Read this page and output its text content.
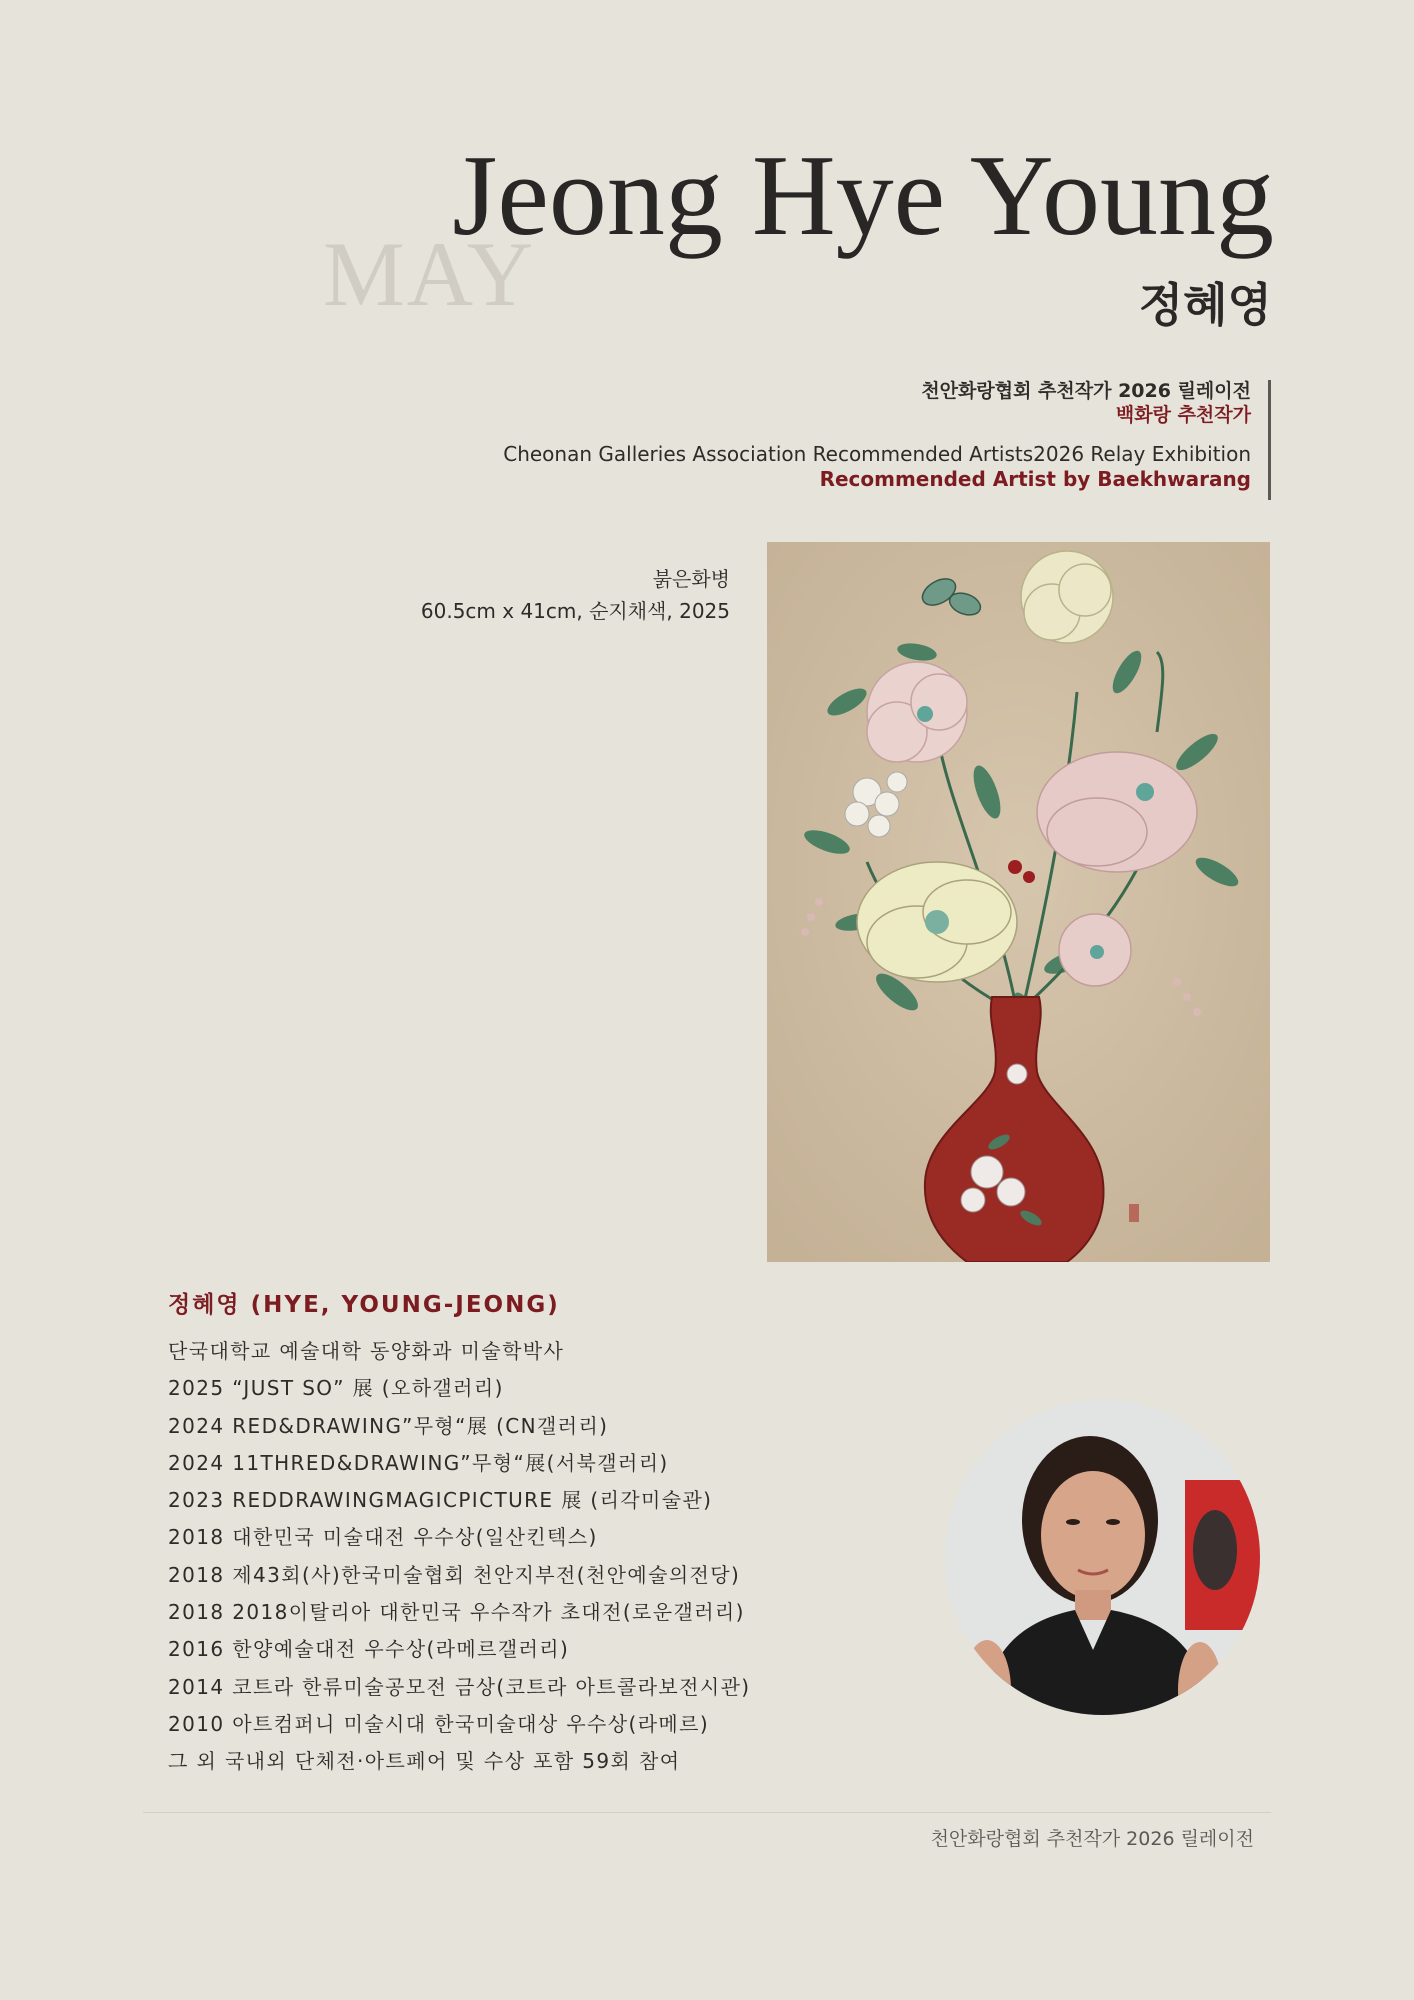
MAY
Jeong Hye Young
정혜영
천안화랑협회 추천작가 2026 릴레이전
백화랑 추천작가
Cheonan Galleries Association Recommended Artists2026 Relay Exhibition
Recommended Artist by Baekhwarang
붉은화병
60.5cm x 41cm, 순지채색, 2025
정혜영 (HYE, YOUNG-JEONG)
단국대학교 예술대학 동양화과 미술학박사
2025 “JUST SO” 展 (오하갤러리)
2024 RED&DRAWING”무형“展 (CN갤러리)
2024 11THRED&DRAWING”무형“展(서북갤러리)
2023 REDDRAWINGMAGICPICTURE 展 (리각미술관)
2018 대한민국 미술대전 우수상(일산킨텍스)
2018 제43회(사)한국미술협회 천안지부전(천안예술의전당)
2018 2018이탈리아 대한민국 우수작가 초대전(로운갤러리)
2016 한양예술대전 우수상(라메르갤러리)
2014 코트라 한류미술공모전 금상(코트라 아트콜라보전시관)
2010 아트컴퍼니 미술시대 한국미술대상 우수상(라메르)
그 외 국내외 단체전·아트페어 및 수상 포함 59회 참여
천안화랑협회 추천작가 2026 릴레이전
